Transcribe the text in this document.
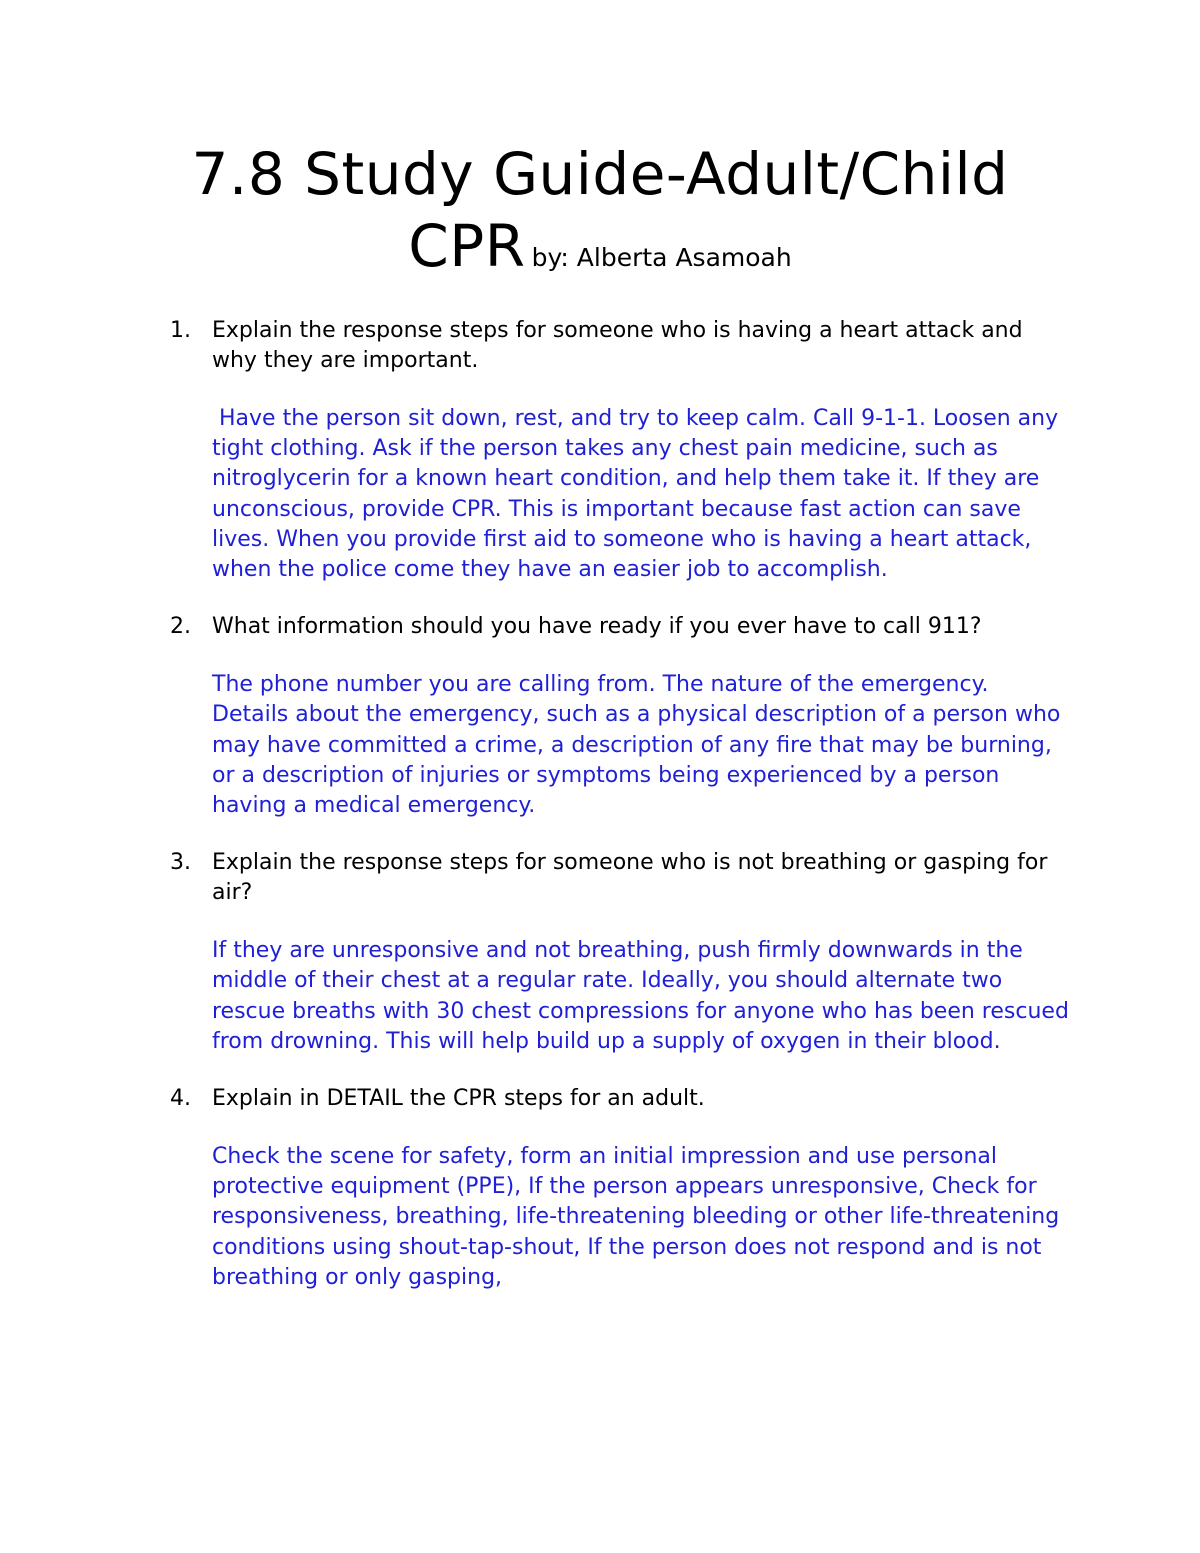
7.8 Study Guide-Adult/Child
CPR by: Alberta Asamoah
1. Explain the response steps for someone who is having a heart attack and why they are important.

Have the person sit down, rest, and try to keep calm. Call 9-1-1. Loosen any tight clothing. Ask if the person takes any chest pain medicine, such as nitroglycerin for a known heart condition, and help them take it. If they are unconscious, provide CPR. This is important because fast action can save lives. When you provide first aid to someone who is having a heart attack, when the police come they have an easier job to accomplish.

2. What information should you have ready if you ever have to call 911?

The phone number you are calling from. The nature of the emergency. Details about the emergency, such as a physical description of a person who may have committed a crime, a description of any fire that may be burning, or a description of injuries or symptoms being experienced by a person having a medical emergency.

3. Explain the response steps for someone who is not breathing or gasping for air?

If they are unresponsive and not breathing, push firmly downwards in the middle of their chest at a regular rate. Ideally, you should alternate two rescue breaths with 30 chest compressions for anyone who has been rescued from drowning. This will help build up a supply of oxygen in their blood.

4. Explain in DETAIL the CPR steps for an adult.

Check the scene for safety, form an initial impression and use personal protective equipment (PPE), If the person appears unresponsive, Check for responsiveness, breathing, life-threatening bleeding or other life-threatening conditions using shout-tap-shout, If the person does not respond and is not breathing or only gasping,
